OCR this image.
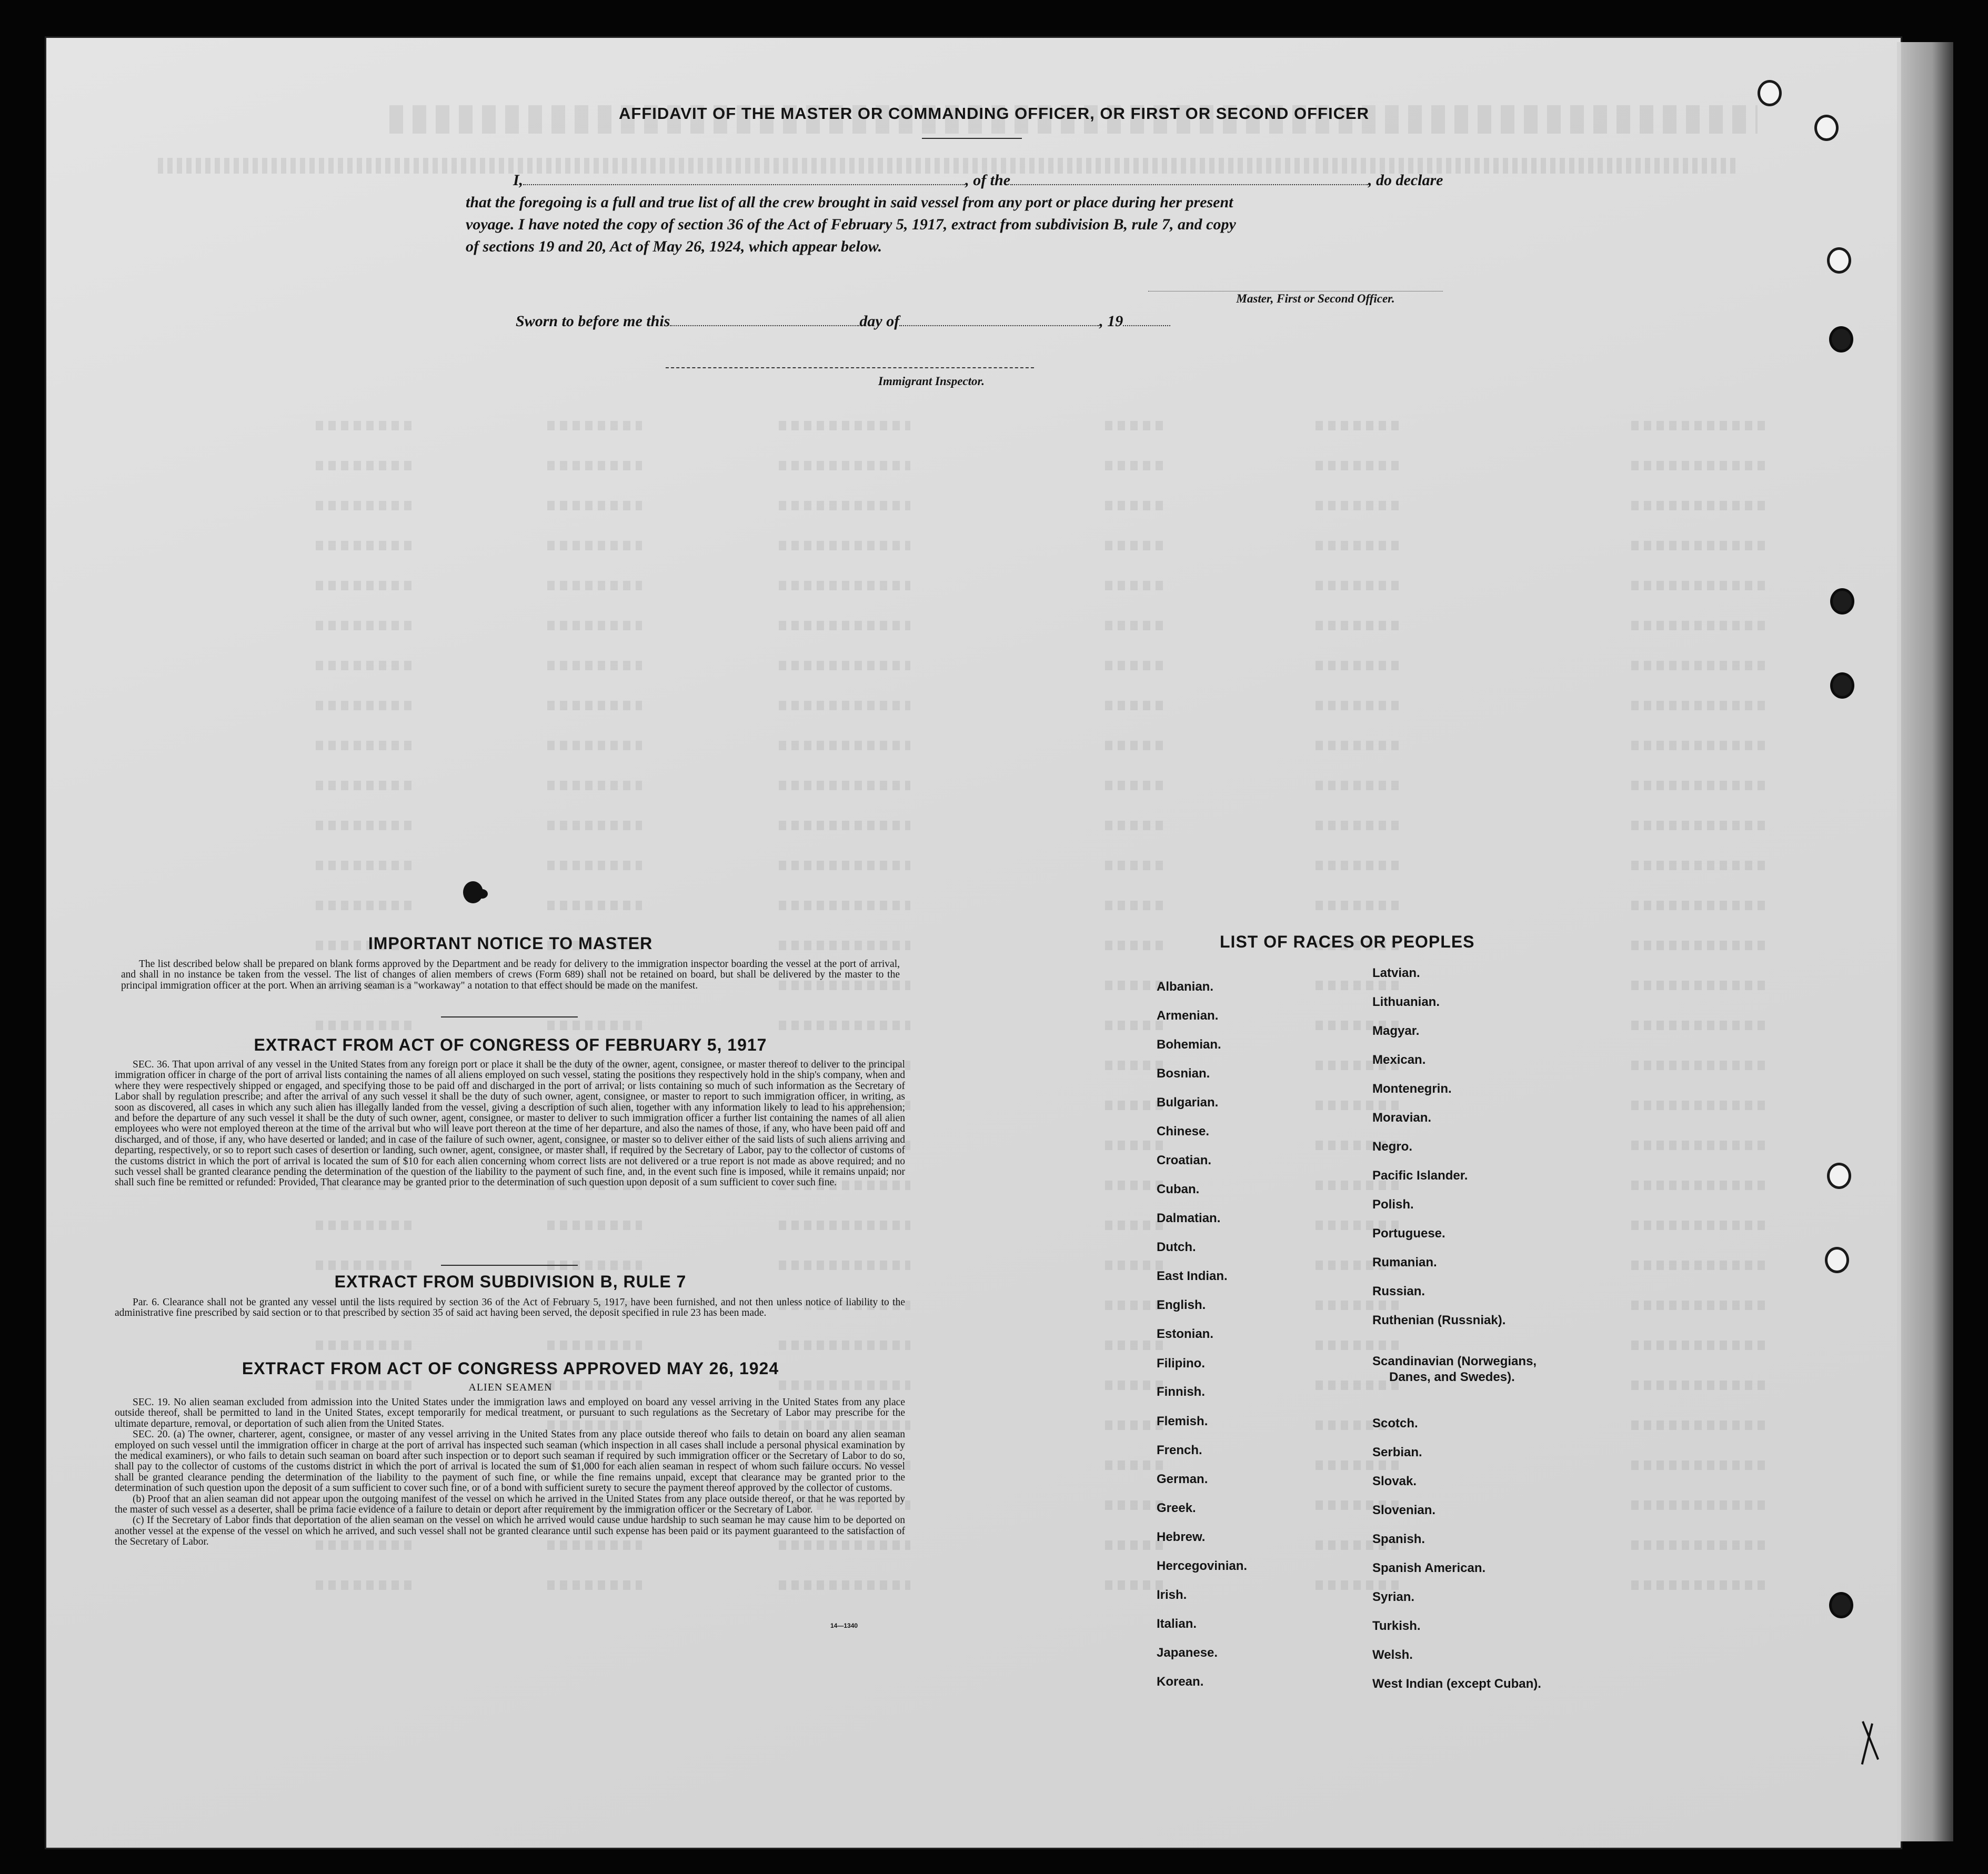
AFFIDAVIT OF THE MASTER OR COMMANDING OFFICER, OR FIRST OR SECOND OFFICER
I,	, of the	, do declare
that the foregoing is a full and true list of all the crew brought in said vessel from any port or place during her present
voyage. I have noted the copy of section 36 of the Act of February 5, 1917, extract from subdivision B, rule 7, and copy
of sections 19 and 20, Act of May 26, 1924, which appear below.
Master, First or Second Officer.
Sworn to before me this	day of	, 19
Immigrant Inspector.
IMPORTANT NOTICE TO MASTER

The list described below shall be prepared on blank forms approved by the Department and be ready for delivery to the immigration inspector boarding the vessel at the port of arrival, and shall in no instance be taken from the vessel. The list of changes of alien members of crews (Form 689) shall not be retained on board, but shall be delivered by the master to the principal immigration officer at the port. When an arriving seaman is a "workaway" a notation to that effect should be made on the manifest.

EXTRACT FROM ACT OF CONGRESS OF FEBRUARY 5, 1917

SEC. 36. That upon arrival of any vessel in the United States from any foreign port or place it shall be the duty of the owner, agent, consignee, or master thereof to deliver to the principal immigration officer in charge of the port of arrival lists containing the names of all aliens employed on such vessel, stating the positions they respectively hold in the ship's company, when and where they were respectively shipped or engaged, and specifying those to be paid off and discharged in the port of arrival; or lists containing so much of such information as the Secretary of Labor shall by regulation prescribe; and after the arrival of any such vessel it shall be the duty of such owner, agent, consignee, or master to report to such immigration officer, in writing, as soon as discovered, all cases in which any such alien has illegally landed from the vessel, giving a description of such alien, together with any information likely to lead to his apprehension; and before the departure of any such vessel it shall be the duty of such owner, agent, consignee, or master to deliver to such immigration officer a further list containing the names of all alien employees who were not employed thereon at the time of the arrival but who will leave port thereon at the time of her departure, and also the names of those, if any, who have been paid off and discharged, and of those, if any, who have deserted or landed; and in case of the failure of such owner, agent, consignee, or master so to deliver either of the said lists of such aliens arriving and departing, respectively, or so to report such cases of desertion or landing, such owner, agent, consignee, or master shall, if required by the Secretary of Labor, pay to the collector of customs of the customs district in which the port of arrival is located the sum of $10 for each alien concerning whom correct lists are not delivered or a true report is not made as above required; and no such vessel shall be granted clearance pending the determination of the question of the liability to the payment of such fine, and, in the event such fine is imposed, while it remains unpaid; nor shall such fine be remitted or refunded: Provided, That clearance may be granted prior to the determination of such question upon deposit of a sum sufficient to cover such fine.

EXTRACT FROM SUBDIVISION B, RULE 7

Par. 6. Clearance shall not be granted any vessel until the lists required by section 36 of the Act of February 5, 1917, have been furnished, and not then unless notice of liability to the administrative fine prescribed by said section or to that prescribed by section 35 of said act having been served, the deposit specified in rule 23 has been made.

EXTRACT FROM ACT OF CONGRESS APPROVED MAY 26, 1924
ALIEN SEAMEN

SEC. 19. No alien seaman excluded from admission into the United States under the immigration laws and employed on board any vessel arriving in the United States from any place outside thereof, shall be permitted to land in the United States, except temporarily for medical treatment, or pursuant to such regulations as the Secretary of Labor may prescribe for the ultimate departure, removal, or deportation of such alien from the United States.

SEC. 20. (a) The owner, charterer, agent, consignee, or master of any vessel arriving in the United States from any place outside thereof who fails to detain on board any alien seaman employed on such vessel until the immigration officer in charge at the port of arrival has inspected such seaman (which inspection in all cases shall include a personal physical examination by the medical examiners), or who fails to detain such seaman on board after such inspection or to deport such seaman if required by such immigration officer or the Secretary of Labor to do so, shall pay to the collector of customs of the customs district in which the port of arrival is located the sum of $1,000 for each alien seaman in respect of whom such failure occurs. No vessel shall be granted clearance pending the determination of the liability to the payment of such fine, or while the fine remains unpaid, except that clearance may be granted prior to the determination of such question upon the deposit of a sum sufficient to cover such fine, or of a bond with sufficient surety to secure the payment thereof approved by the collector of customs.

(b) Proof that an alien seaman did not appear upon the outgoing manifest of the vessel on which he arrived in the United States from any place outside thereof, or that he was reported by the master of such vessel as a deserter, shall be prima facie evidence of a failure to detain or deport after requirement by the immigration officer or the Secretary of Labor.

(c) If the Secretary of Labor finds that deportation of the alien seaman on the vessel on which he arrived would cause undue hardship to such seaman he may cause him to be deported on another vessel at the expense of the vessel on which he arrived, and such vessel shall not be granted clearance until such expense has been paid or its payment guaranteed to the satisfaction of the Secretary of Labor.

14—1340
LIST OF RACES OR PEOPLES
Albanian.
Armenian.
Bohemian.
Bosnian.
Bulgarian.
Chinese.
Croatian.
Cuban.
Dalmatian.
Dutch.
East Indian.
English.
Estonian.
Filipino.
Finnish.
Flemish.
French.
German.
Greek.
Hebrew.
Hercegovinian.
Irish.
Italian.
Japanese.
Korean.
Latvian.
Lithuanian.
Magyar.
Mexican.
Montenegrin.
Moravian.
Negro.
Pacific Islander.
Polish.
Portuguese.
Rumanian.
Russian.
Ruthenian (Russniak).
Scandinavian (Norwegians,
Danes, and Swedes).
Scotch.
Serbian.
Slovak.
Slovenian.
Spanish.
Spanish American.
Syrian.
Turkish.
Welsh.
West Indian (except Cuban).
